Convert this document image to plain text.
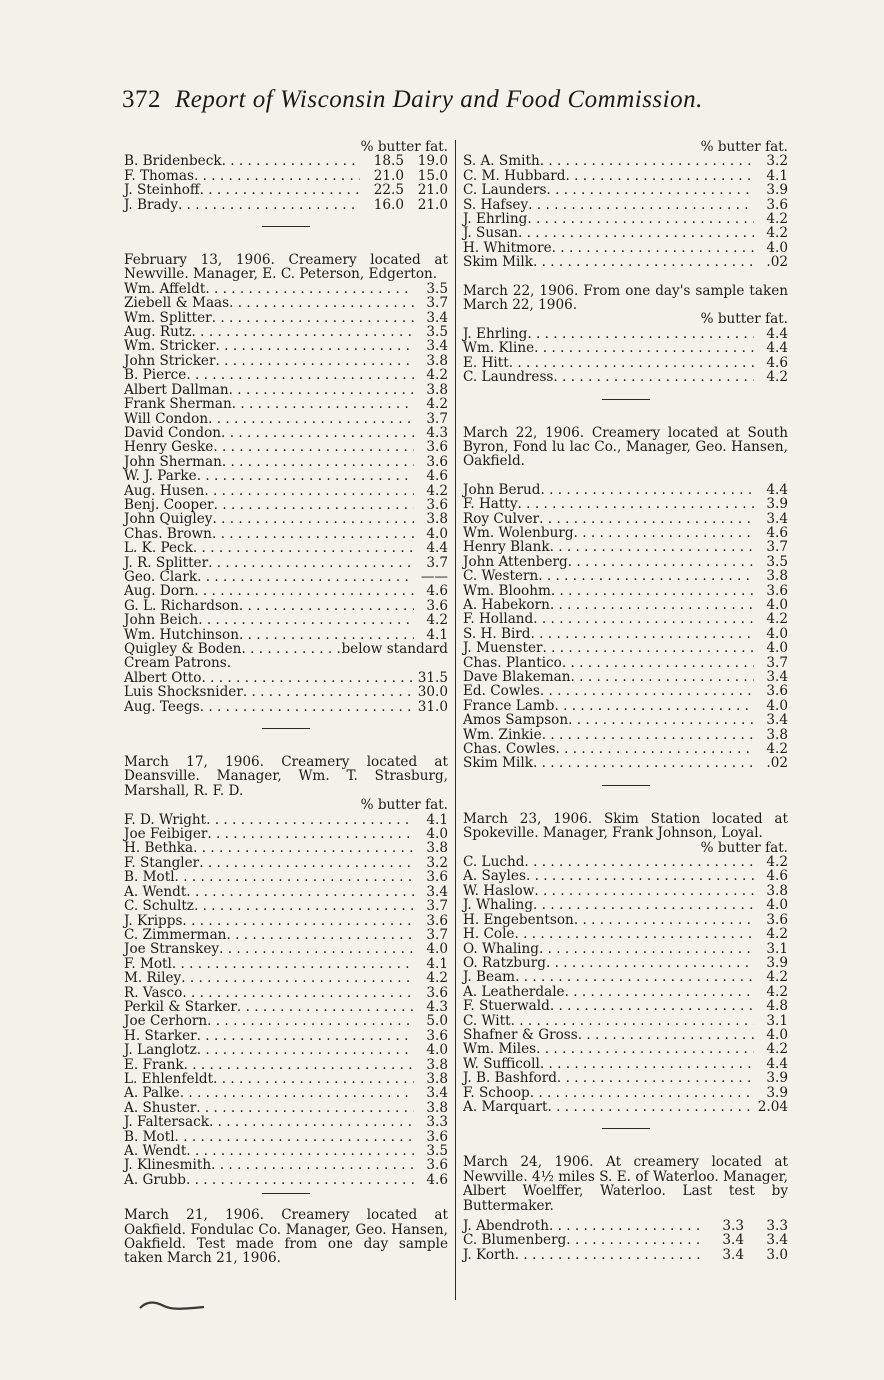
372 Report of Wisconsin Dairy and Food Commission.
% butter fat.
B. Bridenbeck . . .	18.5	19.0
F. Thomas . . .	21.0	15.0
J. Steinhoff . . .	22.5	21.0
J. Brady . . .	16.0	21.0

February 13, 1906. Creamery located at Newville. Manager, E. C. Peterson, Edgerton.

Wm. Affeldt . . .	3.5
Ziebell & Maas . . .	3.7
Wm. Splitter . . .	3.4
Aug. Rutz . . .	3.5
Wm. Stricker . . .	3.4
John Stricker . . .	3.8
B. Pierce . . .	4.2
Albert Dallman . . .	3.8
Frank Sherman . . .	4.2
Will Condon . . .	3.7
David Condon . . .	4.3
Henry Geske . . .	3.6
John Sherman . . .	3.6
W. J. Parke . . .	4.6
Aug. Husen . . .	4.2
Benj. Cooper . . .	3.6
John Quigley . . .	3.8
Chas. Brown . . .	4.0
L. K. Peck . . .	4.4
J. R. Splitter . . .	3.7
Geo. Clark . . .	——
Aug. Dorn . . .	4.6
G. L. Richardson . . .	3.6
John Beich . . .	4.2
Wm. Hutchinson . . .	4.1
Quigley & Boden . . .	below standard
Cream Patrons.
Albert Otto . . .	31.5
Luis Shocksnider . . .	30.0
Aug. Teegs . . .	31.0

March 17, 1906. Creamery located at Deansville. Manager, Wm. T. Strasburg, Marshall, R. F. D.

% butter fat.
F. D. Wright . . .	4.1
Joe Feibiger . . .	4.0
H. Bethka . . .	3.8
F. Stangler . . .	3.2
B. Motl . . .	3.6
A. Wendt . . .	3.4
C. Schultz . . .	3.7
J. Kripps . . .	3.6
C. Zimmerman . . .	3.7
Joe Stranskey . . .	4.0
F. Motl . . .	4.1
M. Riley . . .	4.2
R. Vasco . . .	3.6
Perkil & Starker . . .	4.3
Joe Cerhorn . . .	5.0
H. Starker . . .	3.6
J. Langlotz . . .	4.0
E. Frank . . .	3.8
L. Ehlenfeldt . . .	3.8
A. Palke . . .	3.4
A. Shuster . . .	3.8
J. Faltersack . . .	3.3
B. Motl . . .	3.6
A. Wendt . . .	3.5
J. Klinesmith . . .	3.6
A. Grubb . . .	4.6

March 21, 1906. Creamery located at Oakfield. Fondulac Co. Manager, Geo. Hansen, Oakfield. Test made from one day sample taken March 21, 1906.

% butter fat.
S. A. Smith . . .	3.2
C. M. Hubbard . . .	4.1
C. Launders . . .	3.9
S. Hafsey . . .	3.6
J. Ehrling . . .	4.2
J. Susan . . .	4.2
H. Whitmore . . .	4.0
Skim Milk . . .	.02

March 22, 1906. From one day's sample taken March 22, 1906.

% butter fat.
J. Ehrling . . .	4.4
Wm. Kline . . .	4.4
E. Hitt . . .	4.6
C. Laundress . . .	4.2

March 22, 1906. Creamery located at South Byron, Fond lu lac Co., Manager, Geo. Hansen, Oakfield.

John Berud . . .	4.4
F. Hatty . . .	3.9
Roy Culver . . .	3.4
Wm. Wolenburg . . .	4.6
Henry Blank . . .	3.7
John Attenberg . . .	3.5
C. Western . . .	3.8
Wm. Bloohm . . .	3.6
A. Habekorn . . .	4.0
F. Holland . . .	4.2
S. H. Bird . . .	4.0
J. Muenster . . .	4.0
Chas. Plantico . . .	3.7
Dave Blakeman . . .	3.4
Ed. Cowles . . .	3.6
France Lamb . . .	4.0
Amos Sampson . . .	3.4
Wm. Zinkie . . .	3.8
Chas. Cowles . . .	4.2
Skim Milk . . .	.02

March 23, 1906. Skim Station located at Spokeville. Manager, Frank Johnson, Loyal.

% butter fat.
C. Luchd . . .	4.2
A. Sayles . . .	4.6
W. Haslow . . .	3.8
J. Whaling . . .	4.0
H. Engebentson . . .	3.6
H. Cole . . .	4.2
O. Whaling . . .	3.1
O. Ratzburg . . .	3.9
J. Beam . . .	4.2
A. Leatherdale . . .	4.2
F. Stuerwald . . .	4.8
C. Witt . . .	3.1
Shafner & Gross . . .	4.0
Wm. Miles . . .	4.2
W. Sufficoll . . .	4.4
J. B. Bashford . . .	3.9
F. Schoop . . .	3.9
A. Marquart . . .	2.04

March 24, 1906. At creamery located at Newville. 4½ miles S. E. of Waterloo. Manager, Albert Woelffer, Waterloo. Last test by Buttermaker.

J. Abendroth . . .	3.3	3.3
C. Blumenberg . . .	3.4	3.4
J. Korth . . .	3.4	3.0
